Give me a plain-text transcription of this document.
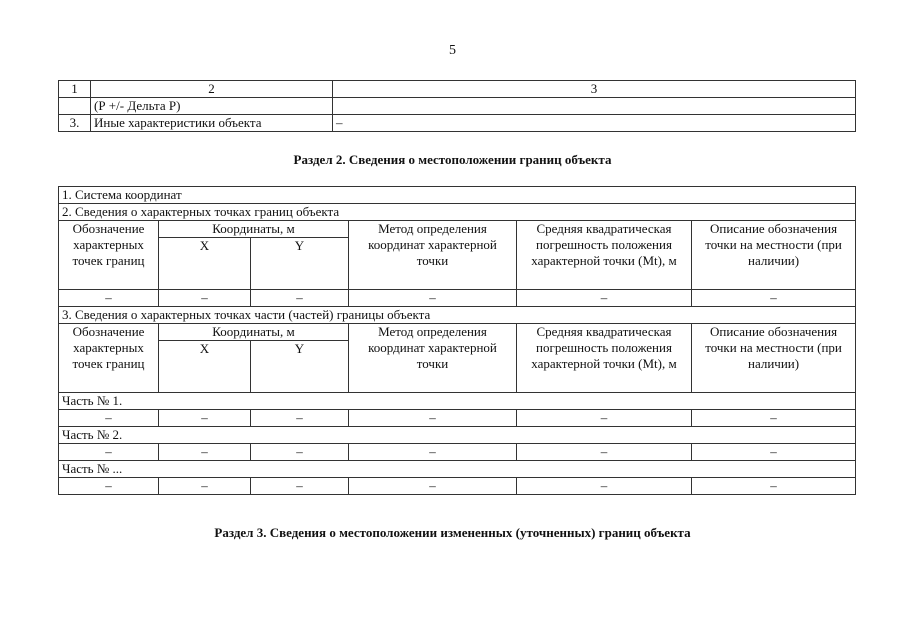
5
1	2	3
	(Р +/- Дельта Р)	
3.	Иные характеристики объекта	–
Раздел 2. Сведения о местоположении границ объекта
1. Система координат					
2. Сведения о характерных точках границ объекта					
Обозначение характерных точек границ	Координаты, м		Метод определения координат характерной точки	Средняя квадратическая погрешность положения характерной точки (Mt), м	Описание обозначения точки на местности (при наличии)
	X	Y			
–	–	–	–	–	–
3. Сведения о характерных точках части (частей) границы объекта					
Обозначение характерных точек границ	Координаты, м		Метод определения координат характерной точки	Средняя квадратическая погрешность положения характерной точки (Mt), м	Описание обозначения точки на местности (при наличии)
	X	Y			
Часть № 1.					
–	–	–	–	–	–
Часть № 2.					
–	–	–	–	–	–
Часть № ...					
–	–	–	–	–	–
Раздел 3. Сведения о местоположении измененных (уточненных) границ объекта
